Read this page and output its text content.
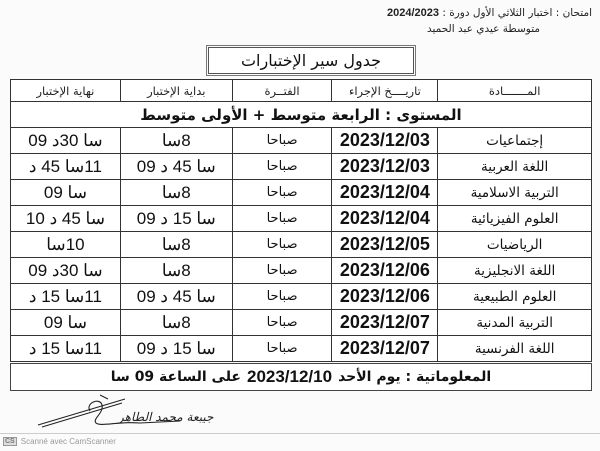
امتحان : اختبار الثلاثي الأول دورة : 2024/2023
متوسطة عيدي عبد الحميد
جدول سير الإختبارات
المـــــــادة	تاريــــخ الإجراء	الفتــرة	بداية الإختبار	نهاية الإختبار
المستوى : الرابعة متوسط + الأولى متوسط				
إجتماعيات	2023/12/03	صباحا	8سا	سا 30د 09
اللغة العربية	2023/12/03	صباحا	سا 45 د 09	11سا 45 د
التربية الاسلامية	2023/12/04	صباحا	8سا	سا 09
العلوم الفيزيائية	2023/12/04	صباحا	سا 15 د 09	سا 45 د 10
الرياضيات	2023/12/05	صباحا	8سا	10سا
اللغة الانجليزية	2023/12/06	صباحا	8سا	سا 30د 09
العلوم الطبيعية	2023/12/06	صباحا	سا 45 د 09	11سا 15 د
التربية المدنية	2023/12/07	صباحا	8سا	سا 09
اللغة الفرنسية	2023/12/07	صباحا	سا 15 د 09	11سا 15 د
المعلوماتية : يوم الأحد
2023/12/10
على الساعة 09 سا
جيبعة محمد الطاهر
CS Scanné avec CamScanner
